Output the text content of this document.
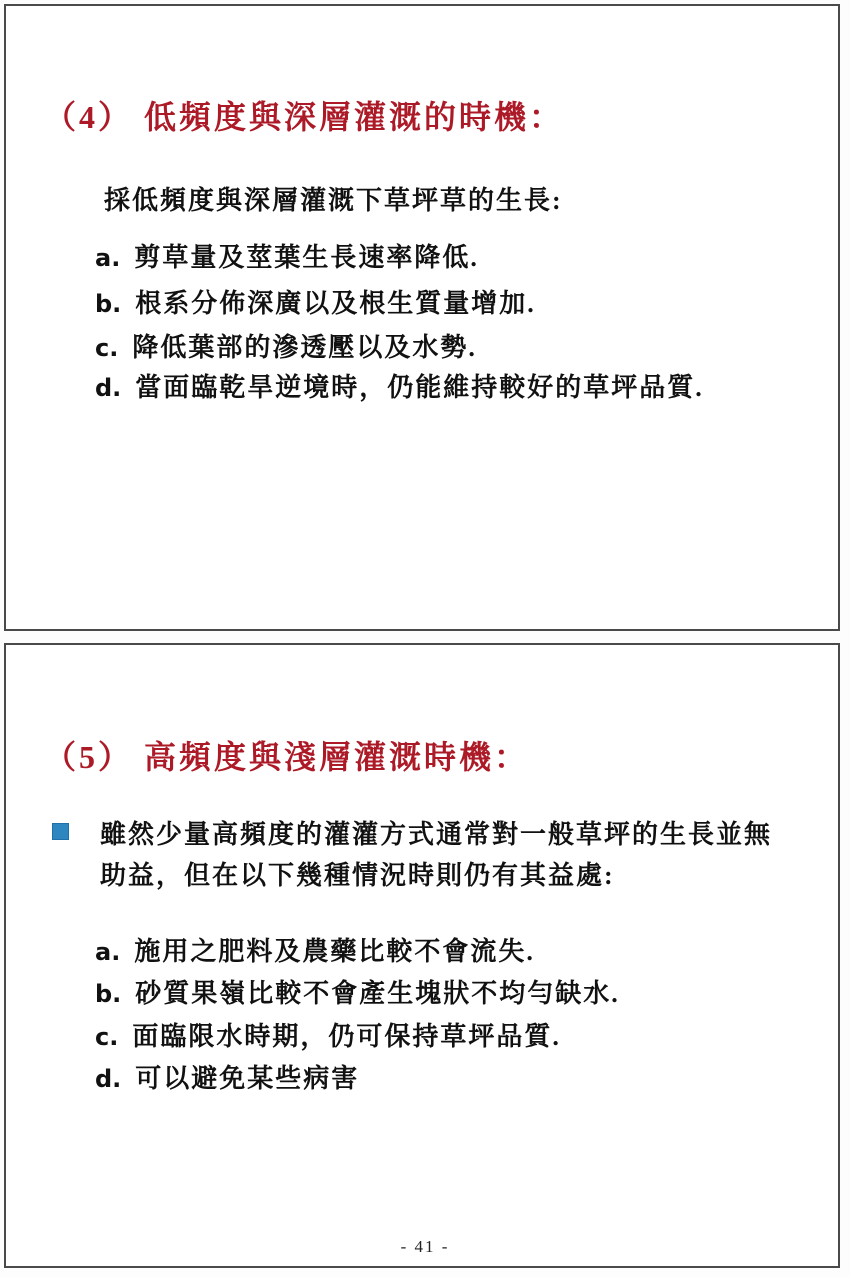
（4） 低頻度與深層灌溉的時機：
採低頻度與深層灌溉下草坪草的生長:
a. 剪草量及莖葉生長速率降低.
b. 根系分佈深廣以及根生質量增加.
c. 降低葉部的滲透壓以及水勢.
d. 當面臨乾旱逆境時，仍能維持較好的草坪品質.
（5） 高頻度與淺層灌溉時機：
雖然少量高頻度的灌灌方式通常對一般草坪的生長並無
助益，但在以下幾種情況時則仍有其益處:
a. 施用之肥料及農藥比較不會流失.
b. 砂質果嶺比較不會產生塊狀不均勻缺水.
c. 面臨限水時期，仍可保持草坪品質.
d. 可以避免某些病害
- 41 -
